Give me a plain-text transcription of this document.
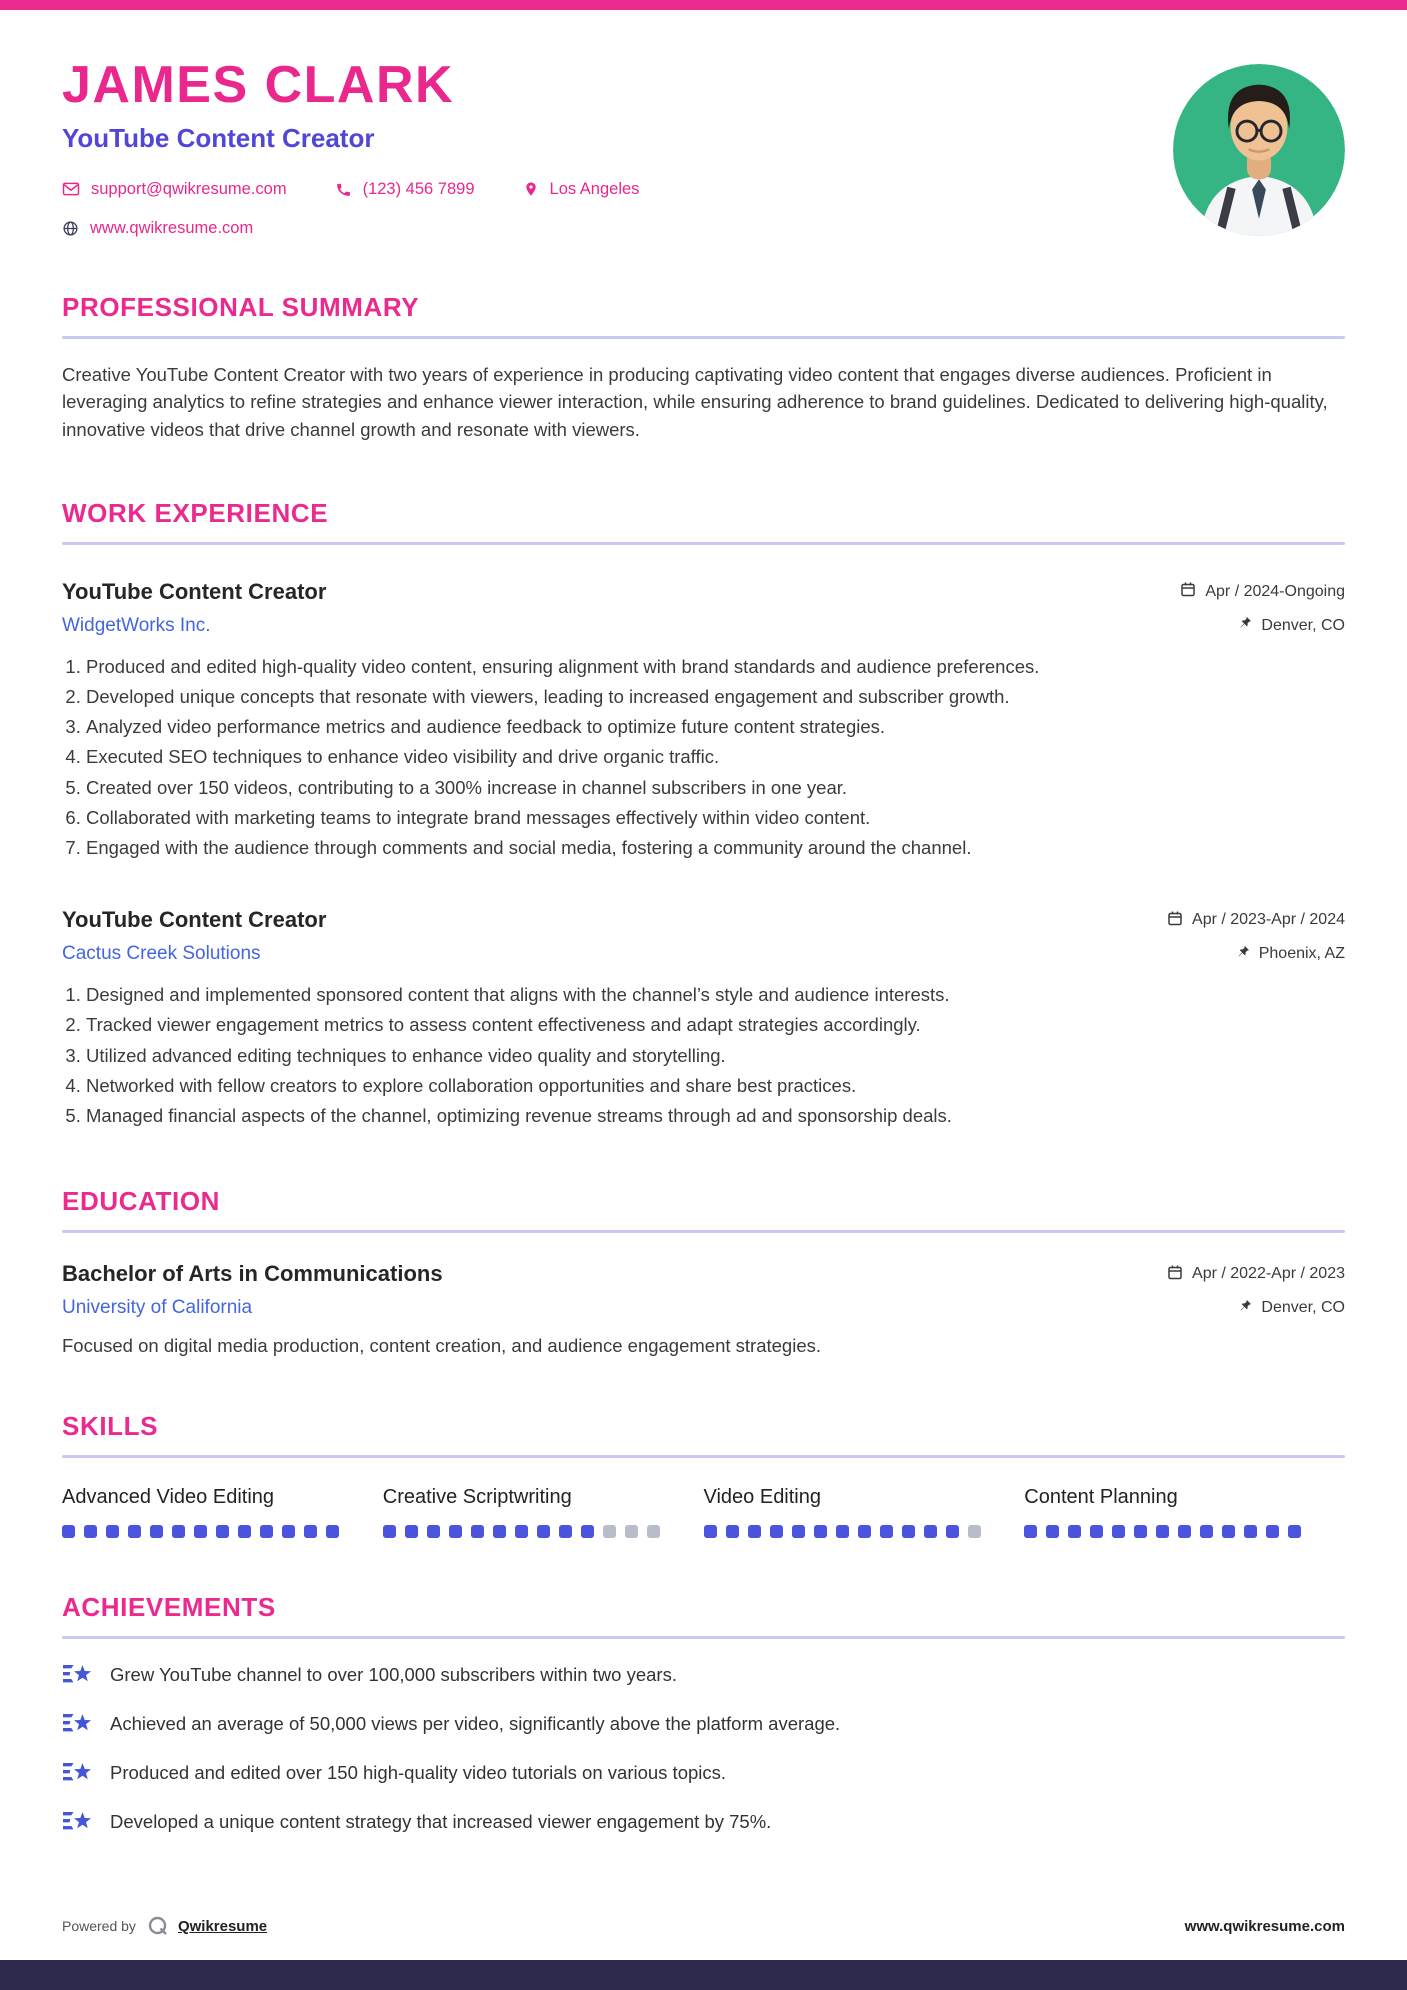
JAMES CLARK
YouTube Content Creator
support@qwikresume.com	(123) 456 7899	Los Angeles
www.qwikresume.com
PROFESSIONAL SUMMARY

Creative YouTube Content Creator with two years of experience in producing captivating video content that engages diverse audiences. Proficient in leveraging analytics to refine strategies and enhance viewer interaction, while ensuring adherence to brand guidelines. Dedicated to delivering high-quality, innovative videos that drive channel growth and resonate with viewers.

WORK EXPERIENCE
YouTube Content Creator	Apr / 2024-Ongoing
WidgetWorks Inc.	Denver, CO
1. Produced and edited high-quality video content, ensuring alignment with brand standards and audience preferences.
2. Developed unique concepts that resonate with viewers, leading to increased engagement and subscriber growth.
3. Analyzed video performance metrics and audience feedback to optimize future content strategies.
4. Executed SEO techniques to enhance video visibility and drive organic traffic.
5. Created over 150 videos, contributing to a 300% increase in channel subscribers in one year.
6. Collaborated with marketing teams to integrate brand messages effectively within video content.
7. Engaged with the audience through comments and social media, fostering a community around the channel.
YouTube Content Creator	Apr / 2023-Apr / 2024
Cactus Creek Solutions	Phoenix, AZ
1. Designed and implemented sponsored content that aligns with the channel’s style and audience interests.
2. Tracked viewer engagement metrics to assess content effectiveness and adapt strategies accordingly.
3. Utilized advanced editing techniques to enhance video quality and storytelling.
4. Networked with fellow creators to explore collaboration opportunities and share best practices.
5. Managed financial aspects of the channel, optimizing revenue streams through ad and sponsorship deals.
EDUCATION
Bachelor of Arts in Communications	Apr / 2022-Apr / 2023
University of California	Denver, CO
Focused on digital media production, content creation, and audience engagement strategies.
SKILLS
Advanced Video Editing	Creative Scriptwriting	Video Editing	Content Planning
ACHIEVEMENTS
Grew YouTube channel to over 100,000 subscribers within two years.
Achieved an average of 50,000 views per video, significantly above the platform average.
Produced and edited over 150 high-quality video tutorials on various topics.
Developed a unique content strategy that increased viewer engagement by 75%.
Powered by	Qwikresume	www.qwikresume.com
